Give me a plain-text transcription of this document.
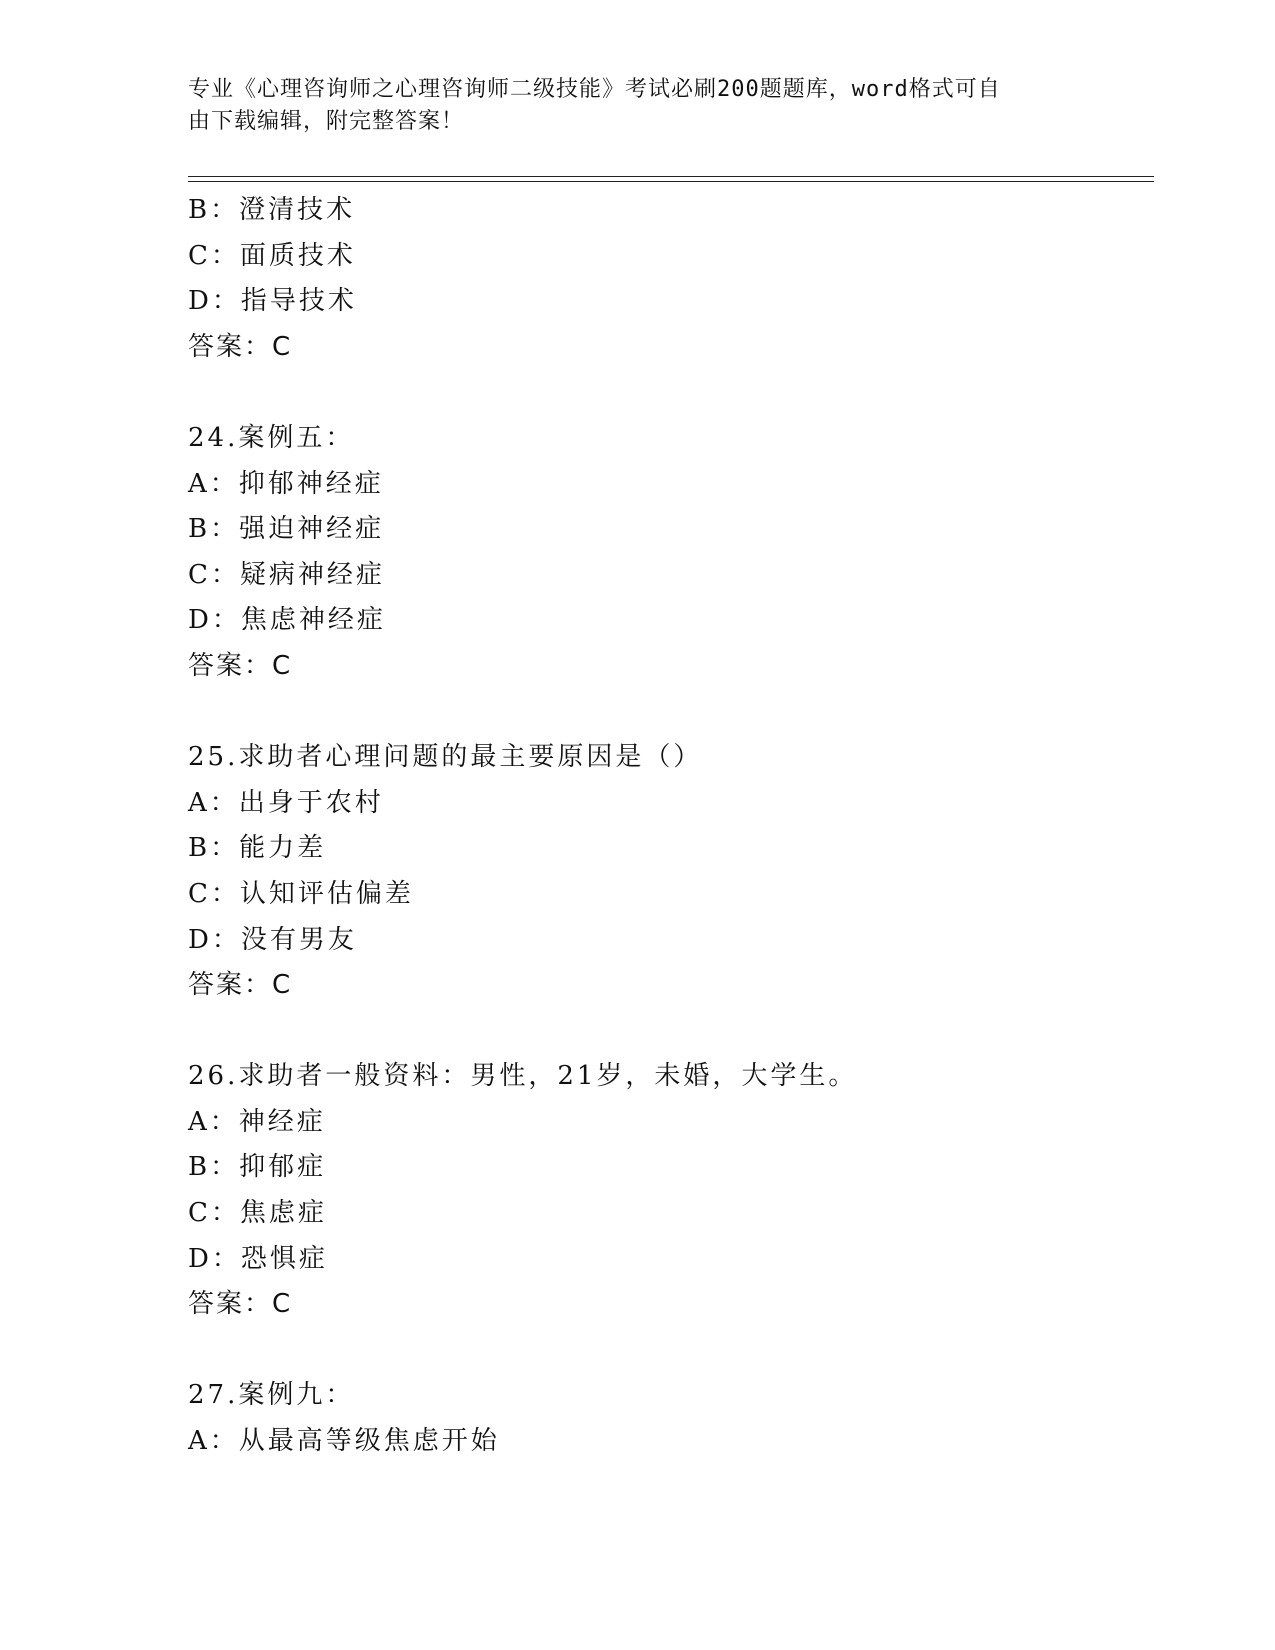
专业《心理咨询师之心理咨询师二级技能》考试必刷200题题库，word格式可自
由下载编辑，附完整答案！
B：澄清技术
C：面质技术
D：指导技术
答案：C
24.案例五：
A：抑郁神经症
B：强迫神经症
C：疑病神经症
D：焦虑神经症
答案：C
25.求助者心理问题的最主要原因是（）
A：出身于农村
B：能力差
C：认知评估偏差
D：没有男友
答案：C
26.求助者一般资料：男性，21岁，未婚，大学生。
A：神经症
B：抑郁症
C：焦虑症
D：恐惧症
答案：C
27.案例九：
A：从最高等级焦虑开始
